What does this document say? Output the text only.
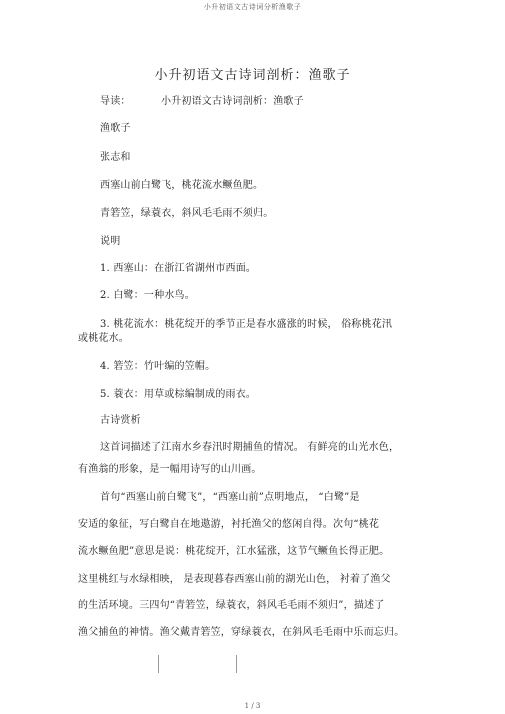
小升初语文古诗词分析渔歌子
小升初语文古诗词剖析：渔歌子
导读：	小升初语文古诗词剖析：渔歌子
渔歌子
张志和
西塞山前白鹭飞，桃花流水鳜鱼肥。
青箬笠，绿蓑衣，斜风毛毛雨不须归。
说明
1. 西塞山：在浙江省湖州市西面。
2. 白鹭：一种水鸟。
3. 桃花流水：桃花绽开的季节正是春水盛涨的时候， 俗称桃花汛
或桃花水。
4. 箬笠：竹叶编的笠帽。
5. 蓑衣：用草或棕编制成的雨衣。
古诗赏析
这首词描述了江南水乡春汛时期捕鱼的情况。 有鲜亮的山光水色，
有渔翁的形象，是一幅用诗写的山川画。
首句“西塞山前白鹭飞”，“西塞山前”点明地点， “白鹭”是
安适的象征，写白鹭自在地遨游，衬托渔父的悠闲自得。次句“桃花
流水鳜鱼肥”意思是说：桃花绽开，江水猛涨，这节气鳜鱼长得正肥。
这里桃红与水绿相映， 是表现暮春西塞山前的湖光山色， 衬着了渔父
的生活环境。三四句“青箬笠，绿蓑衣，斜风毛毛雨不须归”，描述了
渔父捕鱼的神情。渔父戴青箬笠，穿绿蓑衣，在斜风毛毛雨中乐而忘归。
1 / 3
